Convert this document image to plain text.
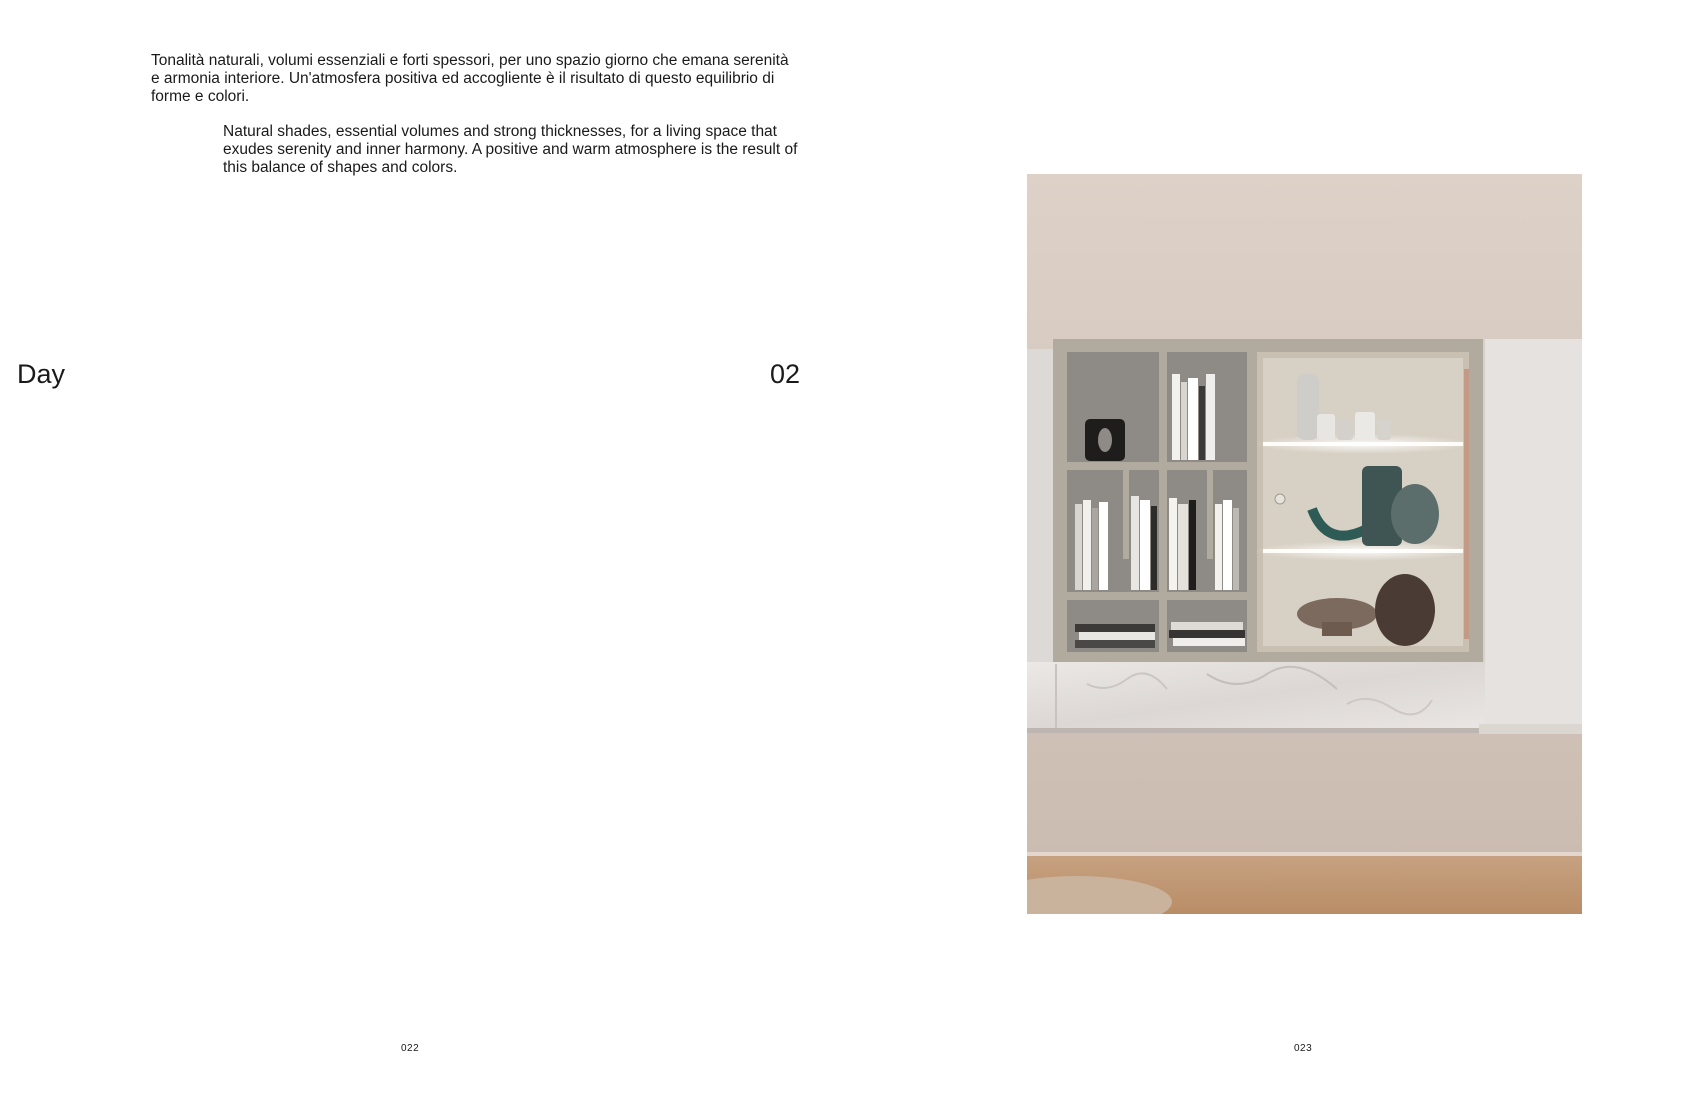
Tonalità naturali, volumi essenziali e forti spessori, per uno spazio giorno che emana serenità e armonia interiore. Un'atmosfera positiva ed accogliente è il risultato di questo equilibrio di forme e colori.

Natural shades, essential volumes and strong thicknesses, for a living space that exudes serenity and inner harmony. A positive and warm atmosphere is the result of this balance of shapes and colors.

Day	02
022	023
